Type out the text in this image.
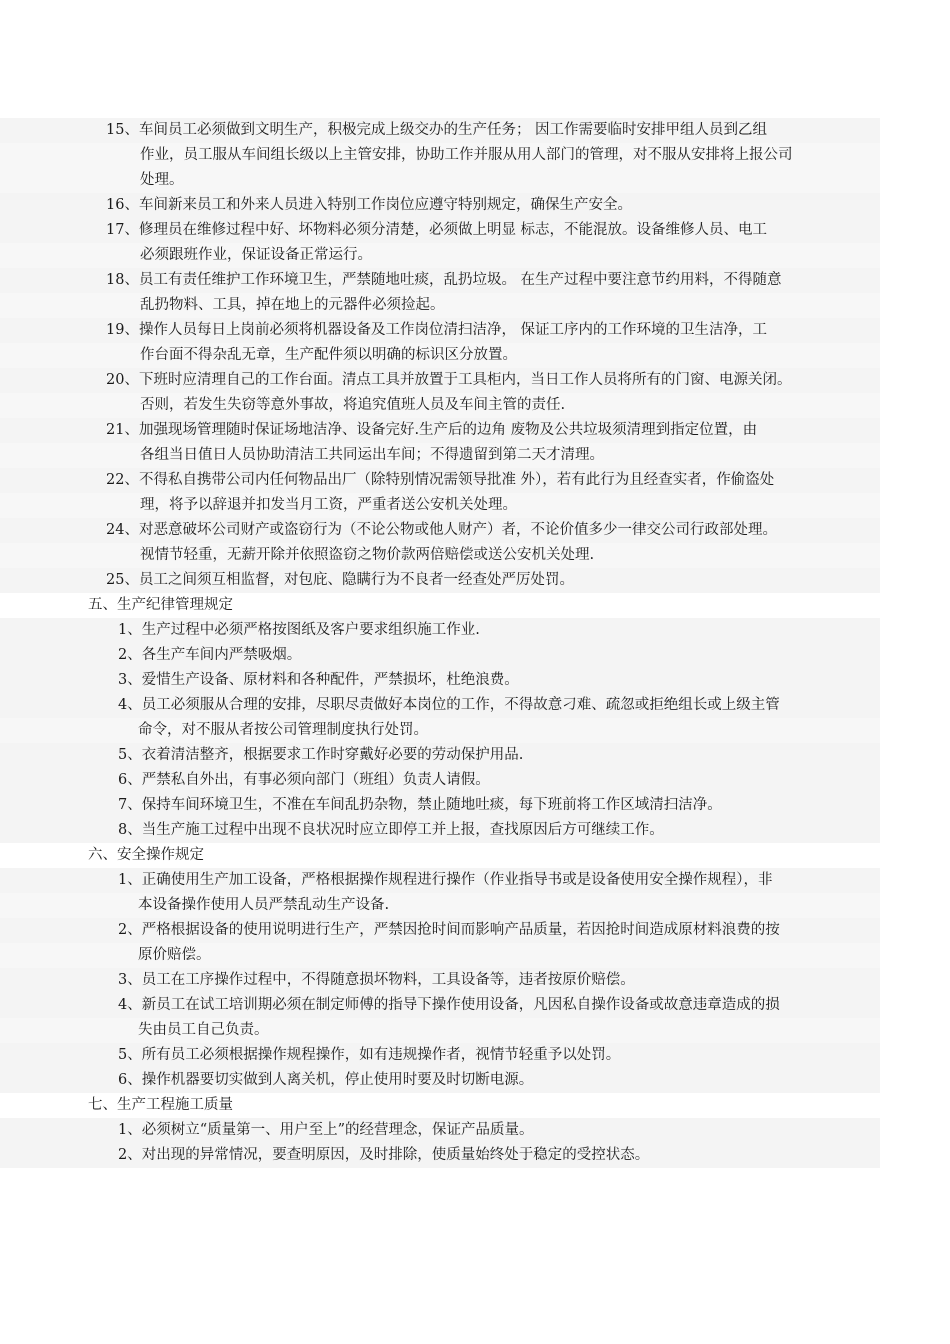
15、车间员工必须做到文明生产，积极完成上级交办的生产任务； 因工作需要临时安排甲组人员到乙组
作业，员工服从车间组长级以上主管安排，协助工作并服从用人部门的管理，对不服从安排将上报公司
处理。
16、车间新来员工和外来人员进入特别工作岗位应遵守特别规定，确保生产安全。
17、修理员在维修过程中好、坏物料必须分清楚，必须做上明显 标志，不能混放。设备维修人员、电工
必须跟班作业，保证设备正常运行。
18、员工有责任维护工作环境卫生，严禁随地吐痰，乱扔垃圾。 在生产过程中要注意节约用料，不得随意
乱扔物料、工具，掉在地上的元器件必须捡起。
19、操作人员每日上岗前必须将机器设备及工作岗位清扫洁净， 保证工序内的工作环境的卫生洁净，工
作台面不得杂乱无章，生产配件须以明确的标识区分放置。
20、下班时应清理自己的工作台面。清点工具并放置于工具柜内，当日工作人员将所有的门窗、电源关闭。
否则，若发生失窃等意外事故，将追究值班人员及车间主管的责任.
21、加强现场管理随时保证场地洁净、设备完好.生产后的边角 废物及公共垃圾须清理到指定位置，由
各组当日值日人员协助清洁工共同运出车间；不得遗留到第二天才清理。
22、不得私自携带公司内任何物品出厂（除特别情况需领导批准 外），若有此行为且经查实者，作偷盗处
理，将予以辞退并扣发当月工资，严重者送公安机关处理。
24、对恶意破坏公司财产或盗窃行为（不论公物或他人财产）者，不论价值多少一律交公司行政部处理。
视情节轻重，无薪开除并依照盗窃之物价款两倍赔偿或送公安机关处理.
25、员工之间须互相监督，对包庇、隐瞒行为不良者一经查处严厉处罚。
五、生产纪律管理规定
1、生产过程中必须严格按图纸及客户要求组织施工作业.
2、各生产车间内严禁吸烟。
3、爱惜生产设备、原材料和各种配件，严禁损坏，杜绝浪费。
4、员工必须服从合理的安排，尽职尽责做好本岗位的工作，不得故意刁难、疏忽或拒绝组长或上级主管
命令，对不服从者按公司管理制度执行处罚。
5、衣着清洁整齐，根据要求工作时穿戴好必要的劳动保护用品.
6、严禁私自外出，有事必须向部门（班组）负责人请假。
7、保持车间环境卫生，不准在车间乱扔杂物，禁止随地吐痰，每下班前将工作区域清扫洁净。
8、当生产施工过程中出现不良状况时应立即停工并上报，查找原因后方可继续工作。
六、安全操作规定
1、正确使用生产加工设备，严格根据操作规程进行操作（作业指导书或是设备使用安全操作规程），非
本设备操作使用人员严禁乱动生产设备.
2、严格根据设备的使用说明进行生产，严禁因抢时间而影响产品质量，若因抢时间造成原材料浪费的按
原价赔偿。
3、员工在工序操作过程中，不得随意损坏物料，工具设备等，违者按原价赔偿。
4、新员工在试工培训期必须在制定师傅的指导下操作使用设备，凡因私自操作设备或故意违章造成的损
失由员工自己负责。
5、所有员工必须根据操作规程操作，如有违规操作者，视情节轻重予以处罚。
6、操作机器要切实做到人离关机，停止使用时要及时切断电源。
七、生产工程施工质量
1、必须树立“质量第一、用户至上”的经营理念，保证产品质量。
2、对出现的异常情况，要查明原因，及时排除，使质量始终处于稳定的受控状态。
